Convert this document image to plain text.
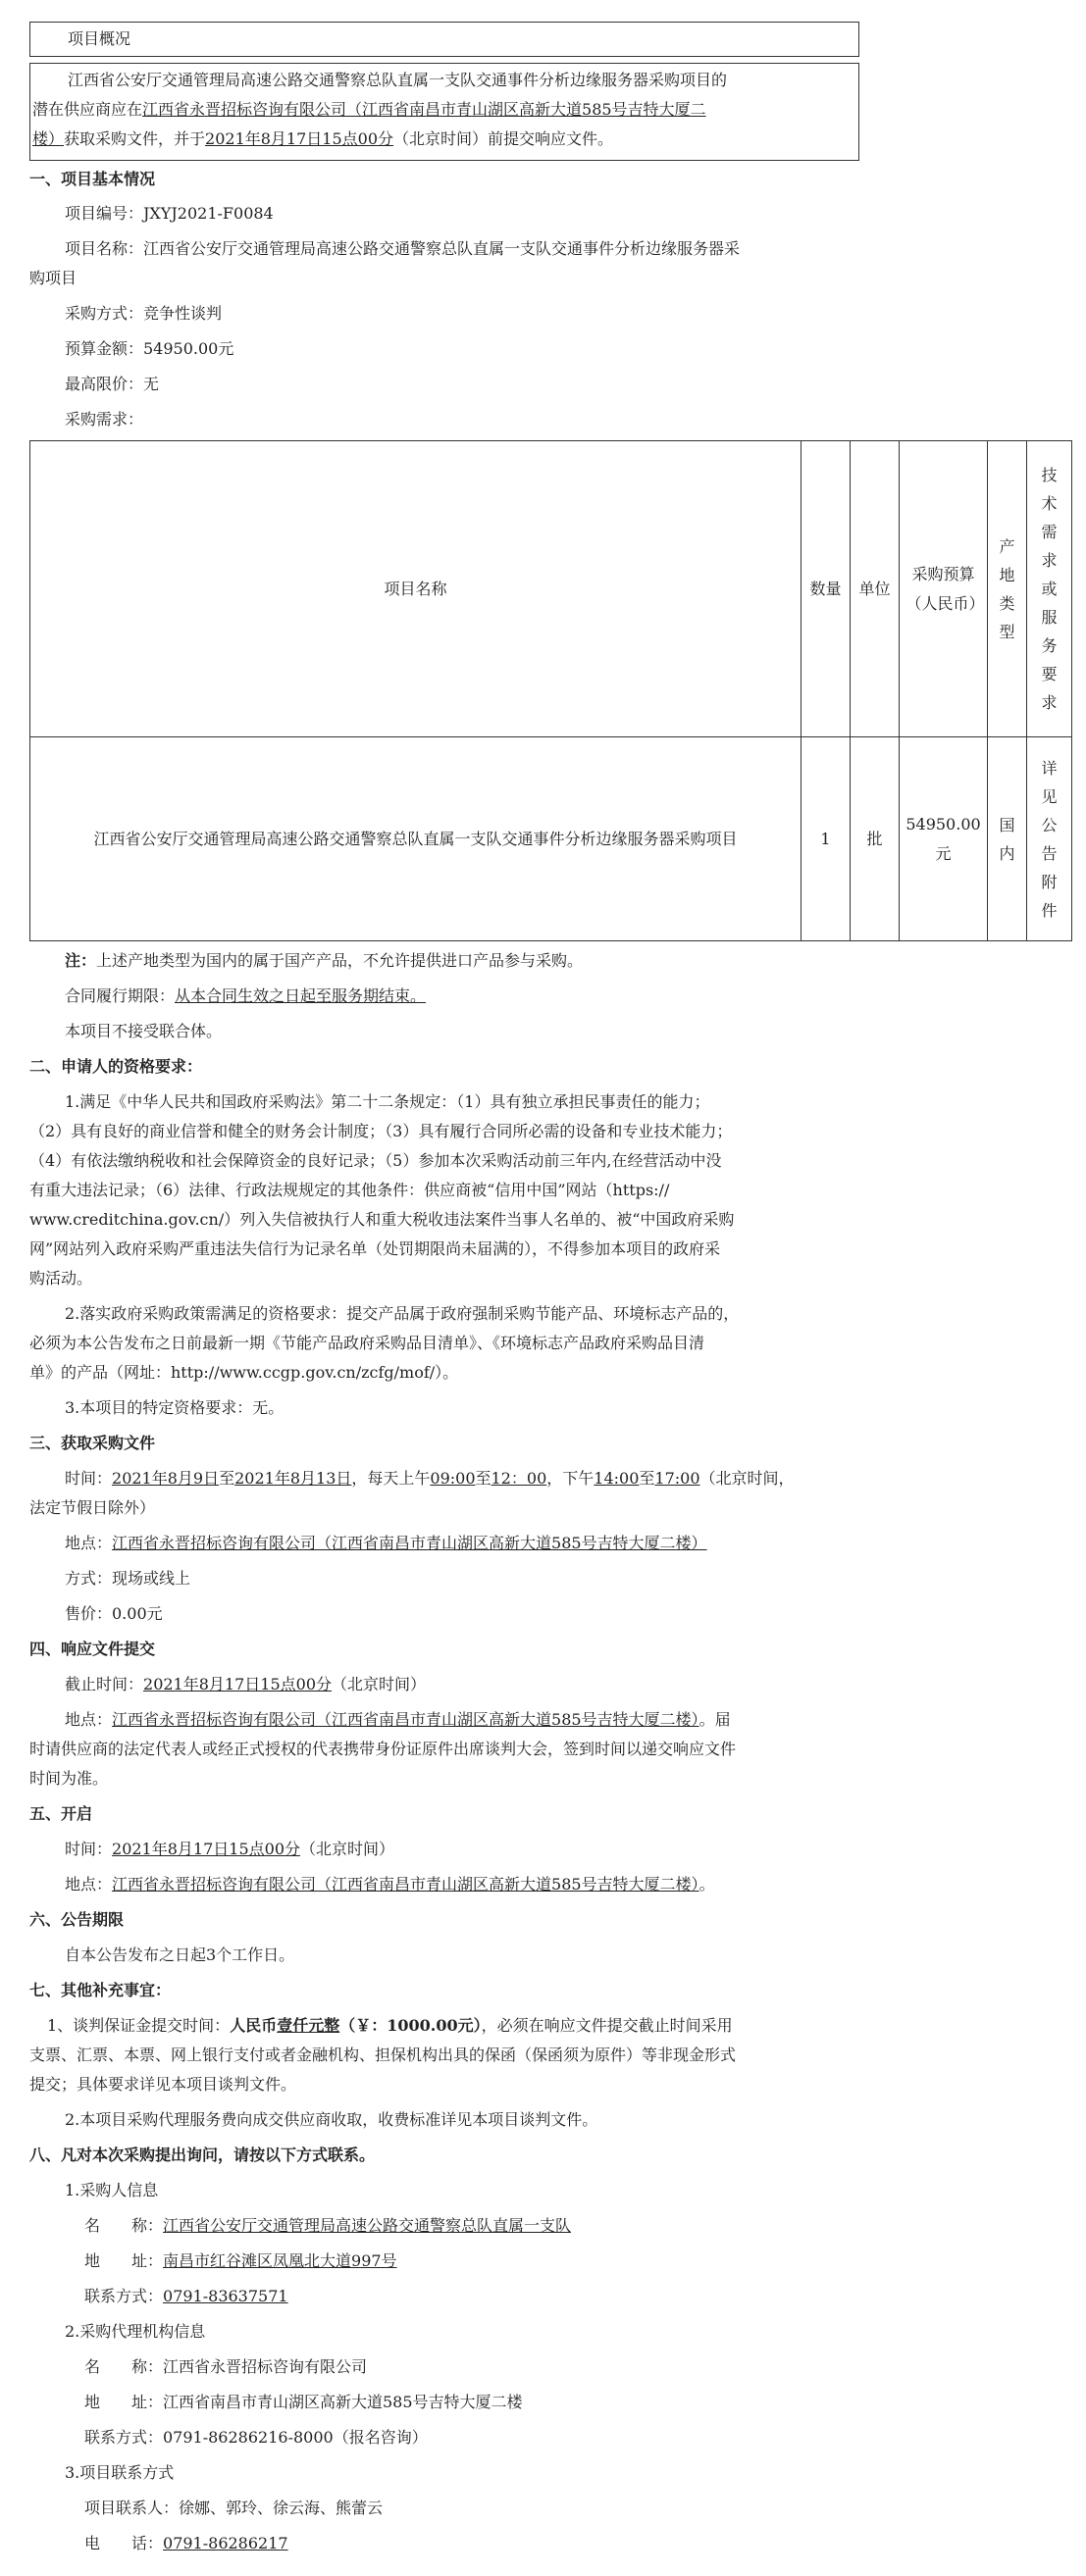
项目概况
江西省公安厅交通管理局高速公路交通警察总队直属一支队交通事件分析边缘服务器采购项目的
潜在供应商应在江西省永晋招标咨询有限公司（江西省南昌市青山湖区高新大道585号吉特大厦二
楼）获取采购文件，并于2021年8月17日15点00分（北京时间）前提交响应文件。
一、项目基本情况
项目编号：JXYJ2021-F0084
项目名称：江西省公安厅交通管理局高速公路交通警察总队直属一支队交通事件分析边缘服务器采
购项目
采购方式：竞争性谈判
预算金额：54950.00元
最高限价：无
采购需求：
项目名称	数量	单位	采购预算（人民币）	产地类型	技术需求或服务要求

江西省公安厅交通管理局高速公路交通警察总队直属一支队交通事件分析边缘服务器采购项目	1	批	54950.00元	国内	详见公告附件
注：上述产地类型为国内的属于国产产品，不允许提供进口产品参与采购。
合同履行期限：从本合同生效之日起至服务期结束。
本项目不接受联合体。
二、申请人的资格要求：
1.满足《中华人民共和国政府采购法》第二十二条规定：（1）具有独立承担民事责任的能力；
（2）具有良好的商业信誉和健全的财务会计制度；（3）具有履行合同所必需的设备和专业技术能力；
（4）有依法缴纳税收和社会保障资金的良好记录；（5）参加本次采购活动前三年内,在经营活动中没
有重大违法记录；（6）法律、行政法规规定的其他条件：供应商被“信用中国”网站（https://
www.creditchina.gov.cn/）列入失信被执行人和重大税收违法案件当事人名单的、被“中国政府采购
网”网站列入政府采购严重违法失信行为记录名单（处罚期限尚未届满的），不得参加本项目的政府采
购活动。
2.落实政府采购政策需满足的资格要求：提交产品属于政府强制采购节能产品、环境标志产品的，
必须为本公告发布之日前最新一期《节能产品政府采购品目清单》、《环境标志产品政府采购品目清
单》的产品（网址：http://www.ccgp.gov.cn/zcfg/mof/）。
3.本项目的特定资格要求：无。
三、获取采购文件
时间：2021年8月9日至2021年8月13日，每天上午09:00至12：00，下午14:00至17:00（北京时间，
法定节假日除外）
地点：江西省永晋招标咨询有限公司（江西省南昌市青山湖区高新大道585号吉特大厦二楼）
方式：现场或线上
售价：0.00元
四、响应文件提交
截止时间：2021年8月17日15点00分（北京时间）
地点：江西省永晋招标咨询有限公司（江西省南昌市青山湖区高新大道585号吉特大厦二楼）。届
时请供应商的法定代表人或经正式授权的代表携带身份证原件出席谈判大会，签到时间以递交响应文件
时间为准。
五、开启
时间：2021年8月17日15点00分（北京时间）
地点：江西省永晋招标咨询有限公司（江西省南昌市青山湖区高新大道585号吉特大厦二楼）。
六、公告期限
自本公告发布之日起3个工作日。
七、其他补充事宜：
1、谈判保证金提交时间：人民币壹仟元整（￥：1000.00元），必须在响应文件提交截止时间采用
支票、汇票、本票、网上银行支付或者金融机构、担保机构出具的保函（保函须为原件）等非现金形式
提交；具体要求详见本项目谈判文件。
2.本项目采购代理服务费向成交供应商收取，收费标准详见本项目谈判文件。
八、凡对本次采购提出询问，请按以下方式联系。
1.采购人信息
名　　称：江西省公安厅交通管理局高速公路交通警察总队直属一支队
地　　址：南昌市红谷滩区凤凰北大道997号
联系方式：0791-83637571
2.采购代理机构信息
名　　称：江西省永晋招标咨询有限公司
地　　址：江西省南昌市青山湖区高新大道585号吉特大厦二楼
联系方式：0791-86286216-8000（报名咨询）
3.项目联系方式
项目联系人：徐娜、郭玲、徐云海、熊蕾云
电　　话：0791-86286217
